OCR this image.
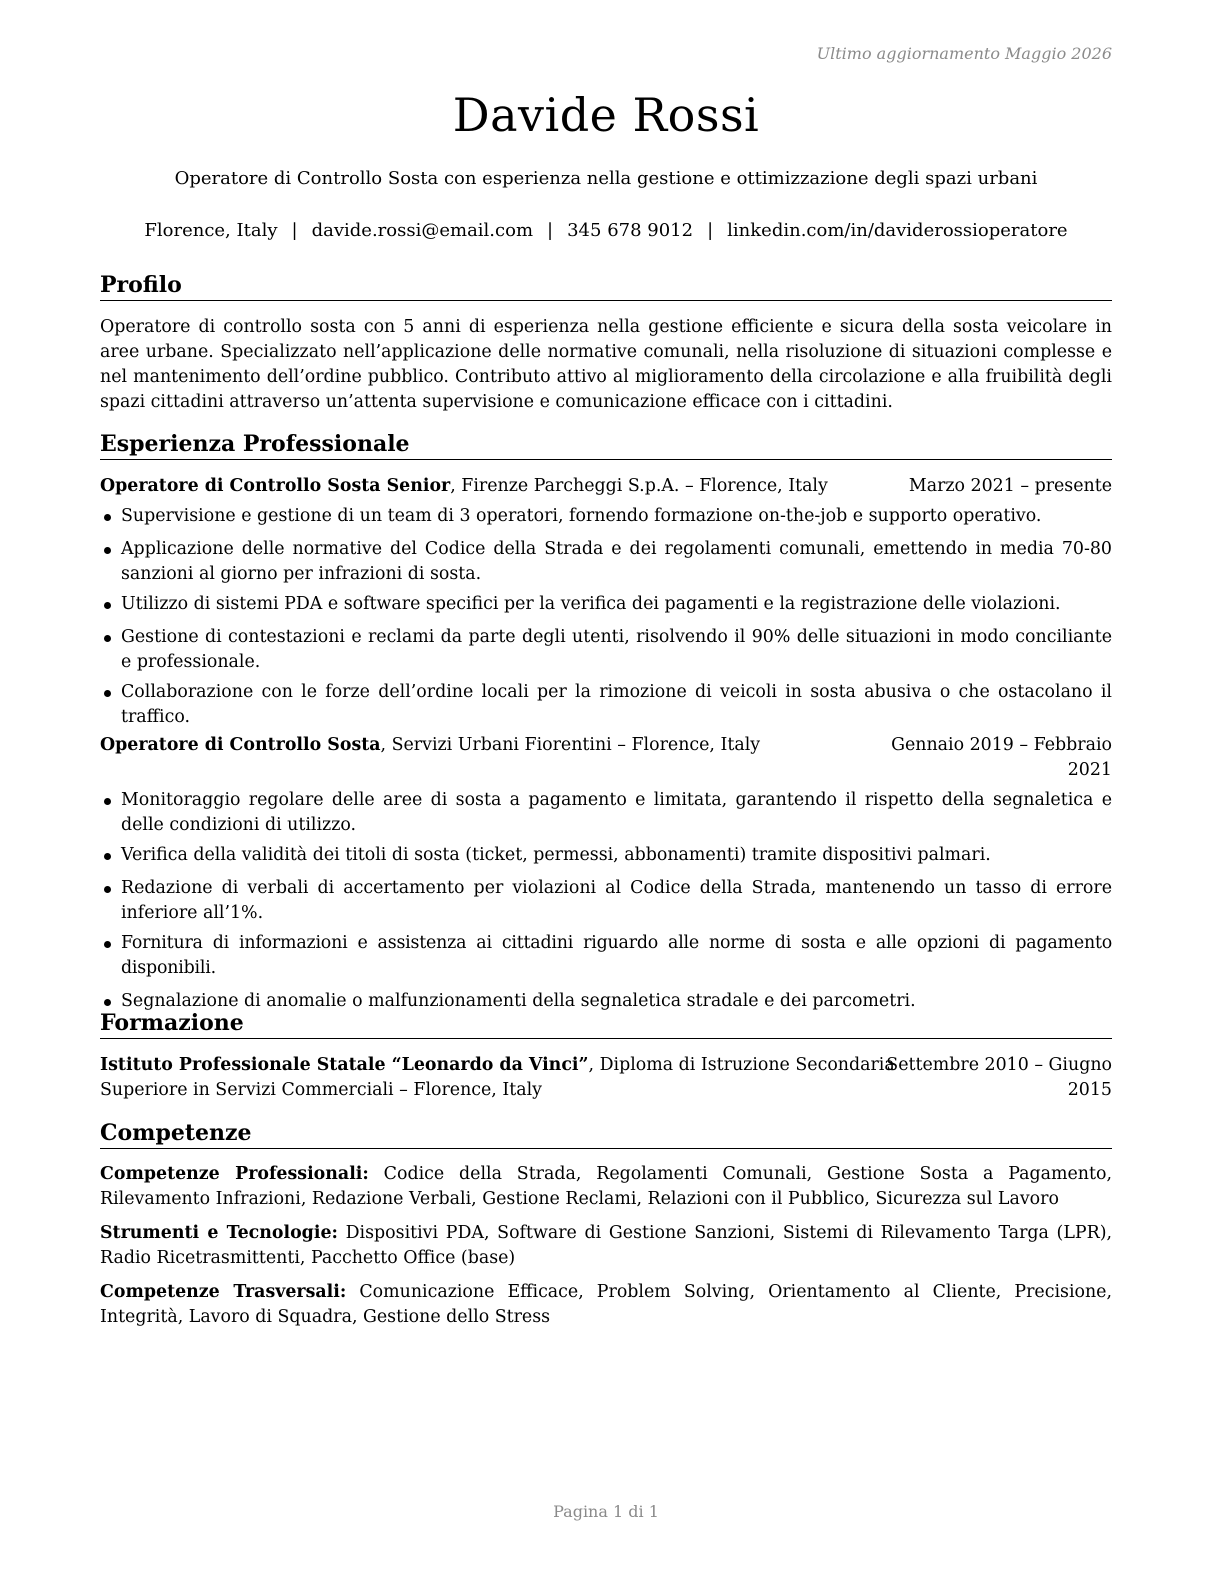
Ultimo aggiornamento Maggio 2026
Davide Rossi
Operatore di Controllo Sosta con esperienza nella gestione e ottimizzazione degli spazi urbani
Florence, Italy | davide.rossi@email.com | 345 678 9012 | linkedin.com/in/daviderossioperatore
Profilo
Operatore di controllo sosta con 5 anni di esperienza nella gestione efficiente e sicura della sosta veicolare in aree urbane. Specializzato nell’applicazione delle normative comunali, nella risoluzione di situazioni complesse e nel mantenimento dell’ordine pubblico. Contributo attivo al miglioramento della circolazione e alla fruibilità degli spazi cittadini attraverso un’attenta supervisione e comunicazione efficace con i cittadini.
Esperienza Professionale
Operatore di Controllo Sosta Senior, Firenze Parcheggi S.p.A. – Florence, Italy	Marzo 2021 – presente
Supervisione e gestione di un team di 3 operatori, fornendo formazione on-the-job e supporto operativo.
Applicazione delle normative del Codice della Strada e dei regolamenti comunali, emettendo in media 70-80 sanzioni al giorno per infrazioni di sosta.
Utilizzo di sistemi PDA e software specifici per la verifica dei pagamenti e la registrazione delle violazioni.
Gestione di contestazioni e reclami da parte degli utenti, risolvendo il 90% delle situazioni in modo conciliante e professionale.
Collaborazione con le forze dell’ordine locali per la rimozione di veicoli in sosta abusiva o che ostacolano il traffico.
Operatore di Controllo Sosta, Servizi Urbani Fiorentini – Florence, Italy	Gennaio 2019 – Febbraio
2021
Monitoraggio regolare delle aree di sosta a pagamento e limitata, garantendo il rispetto della segnaletica e delle condizioni di utilizzo.
Verifica della validità dei titoli di sosta (ticket, permessi, abbonamenti) tramite dispositivi palmari.
Redazione di verbali di accertamento per violazioni al Codice della Strada, mantenendo un tasso di errore inferiore all’1%.
Fornitura di informazioni e assistenza ai cittadini riguardo alle norme di sosta e alle opzioni di pagamento disponibili.
Segnalazione di anomalie o malfunzionamenti della segnaletica stradale e dei parcometri.
Formazione
Istituto Professionale Statale “Leonardo da Vinci”, Diploma di Istruzione Secondaria
Superiore in Servizi Commerciali – Florence, Italy
Settembre 2010 – Giugno
2015
Competenze
Competenze Professionali: Codice della Strada, Regolamenti Comunali, Gestione Sosta a Pagamento, Rilevamento Infrazioni, Redazione Verbali, Gestione Reclami, Relazioni con il Pubblico, Sicurezza sul Lavoro
Strumenti e Tecnologie: Dispositivi PDA, Software di Gestione Sanzioni, Sistemi di Rilevamento Targa (LPR), Radio Ricetrasmittenti, Pacchetto Office (base)
Competenze Trasversali: Comunicazione Efficace, Problem Solving, Orientamento al Cliente, Precisione, Integrità, Lavoro di Squadra, Gestione dello Stress
Pagina 1 di 1
